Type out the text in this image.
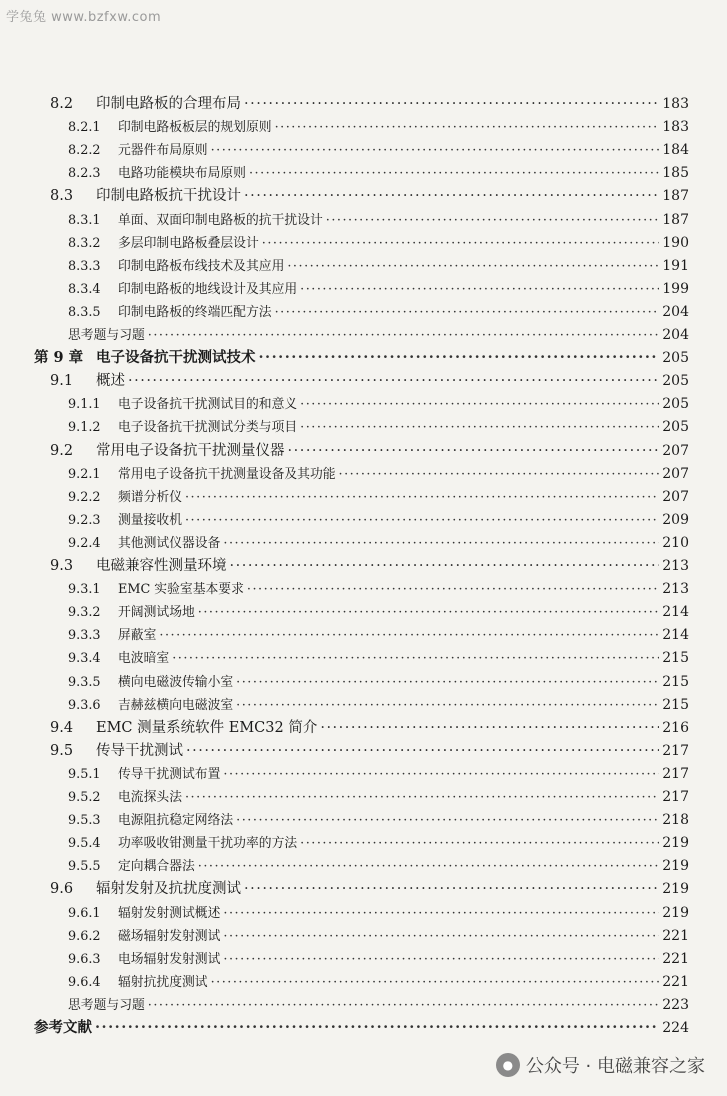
学兔兔 www.bzfxw.com
8.2	印制电路板的合理布局 ·····	183
8.2.1	印制电路板板层的规划原则 ·····	183
8.2.2	元器件布局原则 ·····	184
8.2.3	电路功能模块布局原则 ·····	185
8.3	印制电路板抗干扰设计 ·····	187
8.3.1	单面、双面印制电路板的抗干扰设计 ·····	187
8.3.2	多层印制电路板叠层设计 ·····	190
8.3.3	印制电路板布线技术及其应用 ·····	191
8.3.4	印制电路板的地线设计及其应用 ·····	199
8.3.5	印制电路板的终端匹配方法 ·····	204
思考题与习题 ·····	204
第 9 章 电子设备抗干扰测试技术 ·····	205
9.1	概述 ·····	205
9.1.1	电子设备抗干扰测试目的和意义 ·····	205
9.1.2	电子设备抗干扰测试分类与项目 ·····	205
9.2	常用电子设备抗干扰测量仪器 ·····	207
9.2.1	常用电子设备抗干扰测量设备及其功能 ·····	207
9.2.2	频谱分析仪 ·····	207
9.2.3	测量接收机 ·····	209
9.2.4	其他测试仪器设备 ·····	210
9.3	电磁兼容性测量环境 ·····	213
9.3.1	EMC 实验室基本要求 ·····	213
9.3.2	开阔测试场地 ·····	214
9.3.3	屏蔽室 ·····	214
9.3.4	电波暗室 ·····	215
9.3.5	横向电磁波传输小室 ·····	215
9.3.6	吉赫兹横向电磁波室 ·····	215
9.4	EMC 测量系统软件 EMC32 简介 ·····	216
9.5	传导干扰测试 ·····	217
9.5.1	传导干扰测试布置 ·····	217
9.5.2	电流探头法 ·····	217
9.5.3	电源阻抗稳定网络法 ·····	218
9.5.4	功率吸收钳测量干扰功率的方法 ·····	219
9.5.5	定向耦合器法 ·····	219
9.6	辐射发射及抗扰度测试 ·····	219
9.6.1	辐射发射测试概述 ·····	219
9.6.2	磁场辐射发射测试 ·····	221
9.6.3	电场辐射发射测试 ·····	221
9.6.4	辐射抗扰度测试 ·····	221
思考题与习题 ·····	223
参考文献 ·····	224
● 公众号 · 电磁兼容之家
